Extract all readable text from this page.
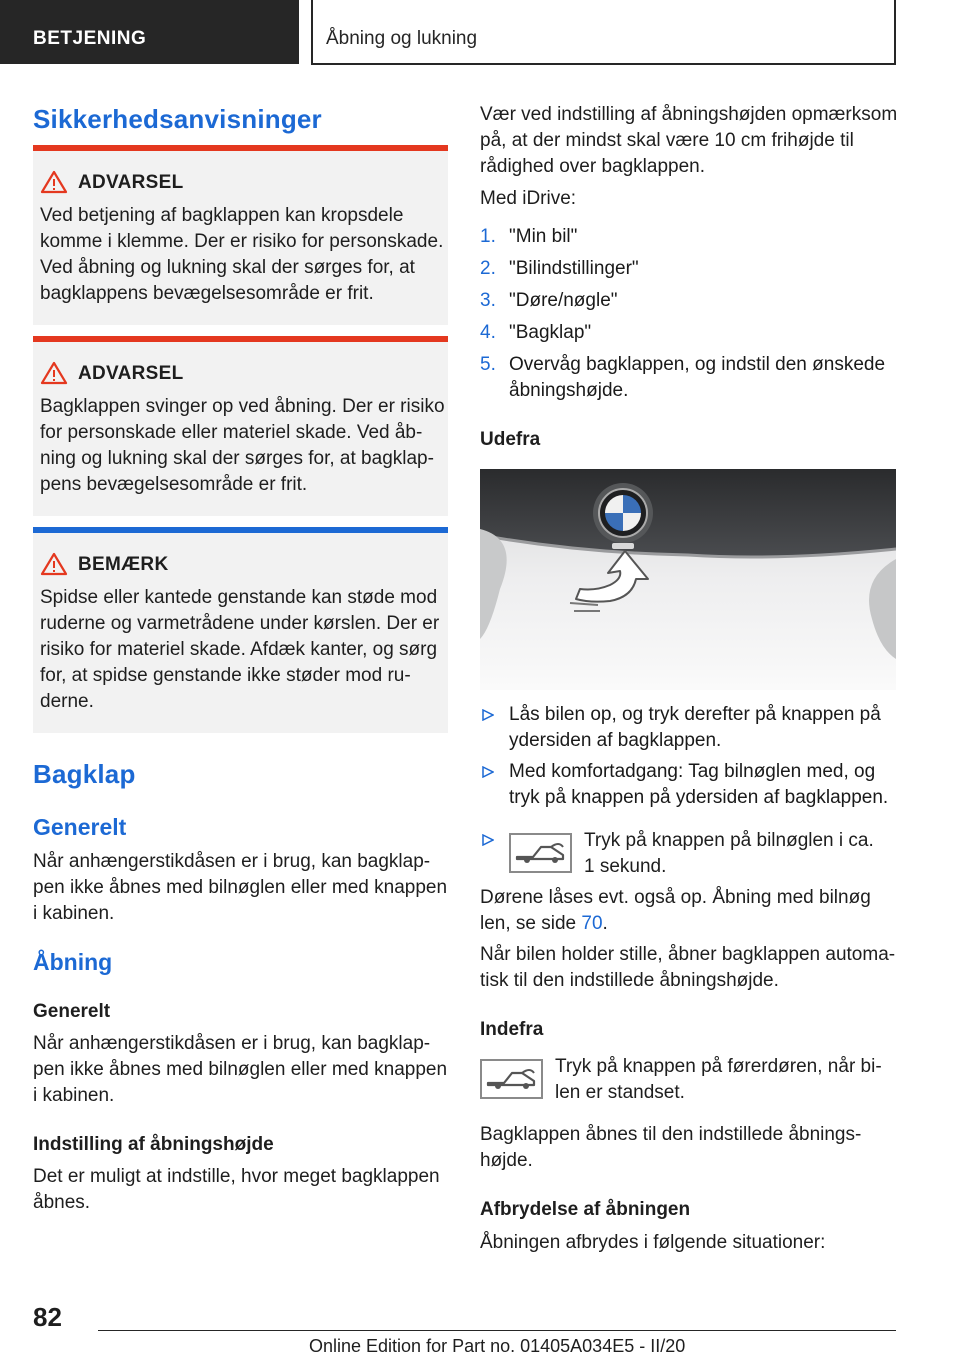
BETJENING	Åbning og lukning
Sikkerhedsanvisninger
ADVARSEL
Ved betjening af bagklappen kan kropsdele komme i klemme. Der er risiko for personskade. Ved åbning og lukning skal der sørges for, at bagklappens bevægelsesområde er frit.
ADVARSEL
Bagklappen svinger op ved åbning. Der er risiko for personskade eller materiel skade. Ved åbning og lukning skal der sørges for, at bagklappens bevægelsesområde er frit.
BEMÆRK
Spidse eller kantede genstande kan støde mod ruderne og varmetrådene under kørslen. Der er risiko for materiel skade. Afdæk kanter, og sørg for, at spidse genstande ikke støder mod ruderne.
Bagklap
Generelt
Når anhængerstikdåsen er i brug, kan bagklappen ikke åbnes med bilnøglen eller med knappen i kabinen.
Åbning
Generelt
Når anhængerstikdåsen er i brug, kan bagklappen ikke åbnes med bilnøglen eller med knappen i kabinen.
Indstilling af åbningshøjde
Det er muligt at indstille, hvor meget bagklappen åbnes.
Vær ved indstilling af åbningshøjden opmærksom på, at der mindst skal være 10 cm frihøjde til rådighed over bagklappen.
Med iDrive:
1. "Min bil"
2. "Bilindstillinger"
3. "Døre/nøgle"
4. "Bagklap"
5. Overvåg bagklappen, og indstil den ønskede åbningshøjde.
Udefra
Lås bilen op, og tryk derefter på knappen på ydersiden af bagklappen.
Med komfortadgang: Tag bilnøglen med, og tryk på knappen på ydersiden af bagklappen.
Tryk på knappen på bilnøglen i ca.
1 sekund.
Dørene låses evt. også op. Åbning med bilnøg
len, se side 70.
Når bilen holder stille, åbner bagklappen automatisk til den indstillede åbningshøjde.
Indefra
Tryk på knappen på førerdøren, når bilen er standset.
Bagklappen åbnes til den indstillede åbningshøjde.
Afbrydelse af åbningen
Åbningen afbrydes i følgende situationer:
82
Online Edition for Part no. 01405A034E5 - II/20
